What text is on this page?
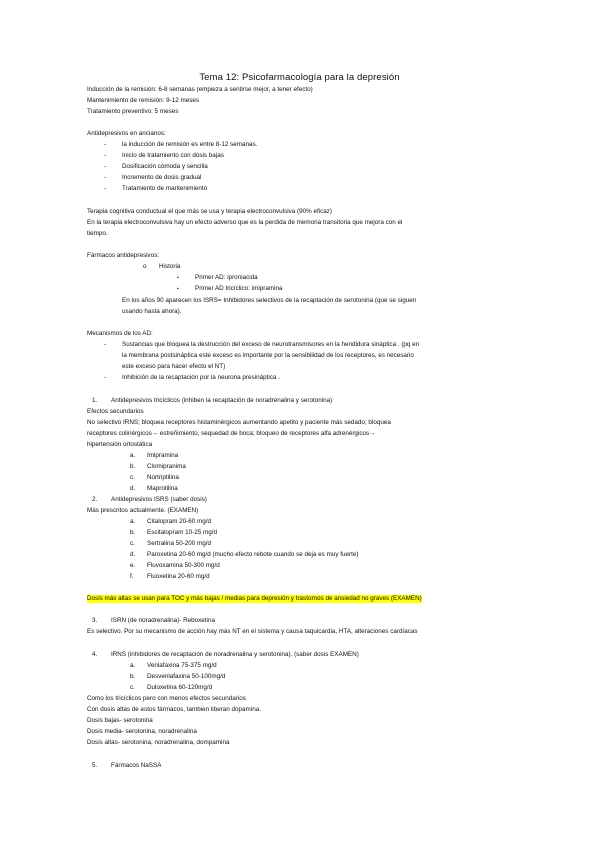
Tema 12: Psicofarmacología para la depresión
Inducción de la remisión: 6-8 semanas (empieza a sentirse mejor, a tener efecto)
Mantenimiento de remisión: 9-12 meses
Tratamiento preventivo: 5 meses
Antidepresivos en ancianos:
- la inducción de remisión es entre 8-12 semanas.
- Inicio de tratamiento con dosis bajas
- Dosificación cómoda y sencilla
- Incremento de dosis gradual
- Tratamiento de mantenimiento
Terapia cognitiva conductual el que más se usa y terapia electroconvulsiva (90% eficaz)
En la terapia electroconvulsiva hay un efecto adverso que es la perdida de memoria transitoria que mejora con el
tiempo.
Fármacos antidepresivos:
o Historia
▪	Primer AD: iproniacida
▪	Primer AD tricíclico: imipramina
En los años 90 aparecen los ISRS= Inhibidores selectivos de la recaptación de serotonina (que se siguen
usando hasta ahora).
Mecanismos de los AD:
- Sustancias que bloquea la destrucción del exceso de neurotransmisores en la hendidura sináptica . (pq en
la membrana postsináptica este exceso es importante por la sensibilidad de los receptores, es necesario
este exceso para hacer efecto el NT)
- Inhibición de la recaptación por la neurona presináptica .
1. Antidepresivos tricíclicos (inhiben la recaptación de noradrenalina y serotonina)
Efectos secundarios
No selectivo IRNS; bloquea receptores histaminérgicos aumentando apetito y paciente más sedado; bloquea
receptores colinérgicos→ estreñimiento, sequedad de boca; bloqueo de receptores alfa adrenérgicos→
hipertensión ortostática
a. Imipramina
b. Clomipranima
c. Nortriptilina
d. Maprotilina
2. Antidepresivos ISRS (saber dosis)
Más prescritos actualmente. (EXAMEN)
a. Citalopram 20-60 mg/d
b. Escitalopram 10-25 mg/d
c. Sertralina 50-200 mg/d
d. Paroxetina 20-60 mg/d (mucho efecto rebote cuando se deja es muy fuerte)
e. Fluvoxamina 50-300 mg/d
f. Fluoxetina 20-60 mg/d
Dosis más altas se usan para TOC y más bajas / medias para depresión y trastornos de ansiedad no graves (EXAMEN)
3. ISRN (de noradrenalina)- Reboxetina
Es selectivo. Por su mecanismo de acción hay más NT en el sistema y causa taquicardia, HTA, alteraciones cardíacas
4. IRNS (inhibidores de recaptación de noradrenalina y serotonina). (saber dosis EXAMEN)
a. Venlafaxina 75-375 mg/d
b. Desvenlafaxina 50-100mg/d
c. Duloxetina 60-120mg/d
Como los tricíclicos pero con menos efectos secundarios
Con dosis altas de estos fármacos, tambien liberan dopamina.
Dosis bajas- serotonina
Dosis media- serotonina, noradrenalina
Dosis altas- serotonina, noradrenalina, dompamina
5. Fármacos NaSSA
